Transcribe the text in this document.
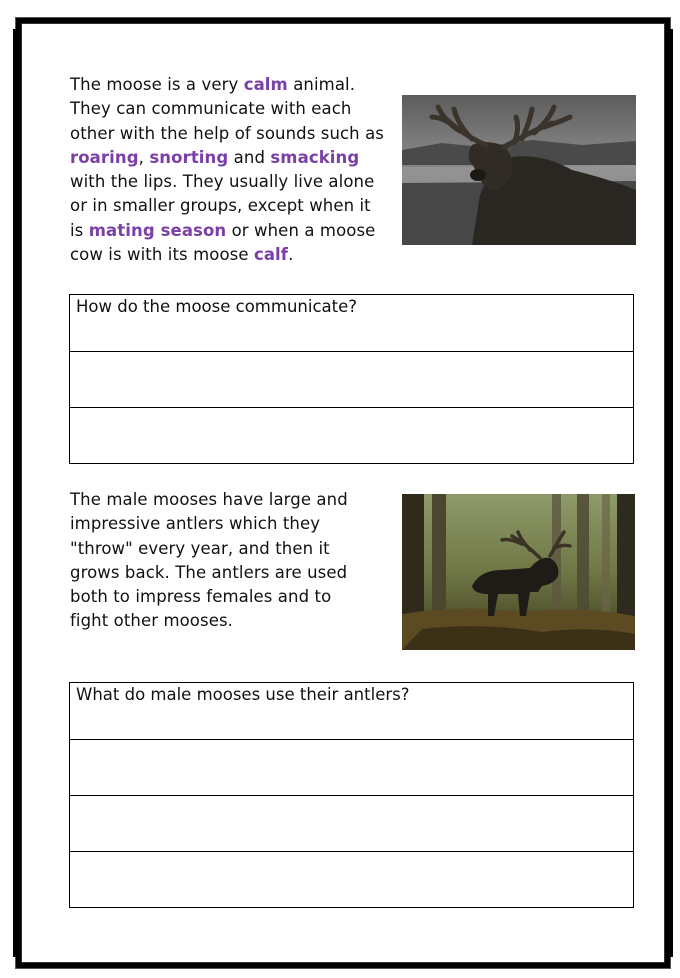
The moose is a very calm animal. They can communicate with each other with the help of sounds such as roaring, snorting and smacking with the lips. They usually live alone or in smaller groups, except when it is mating season or when a moose cow is with its moose calf.

How do the moose communicate?

The male mooses have large and impressive antlers which they "throw" every year, and then it grows back. The antlers are used both to impress females and to fight other mooses.

What do male mooses use their antlers?
